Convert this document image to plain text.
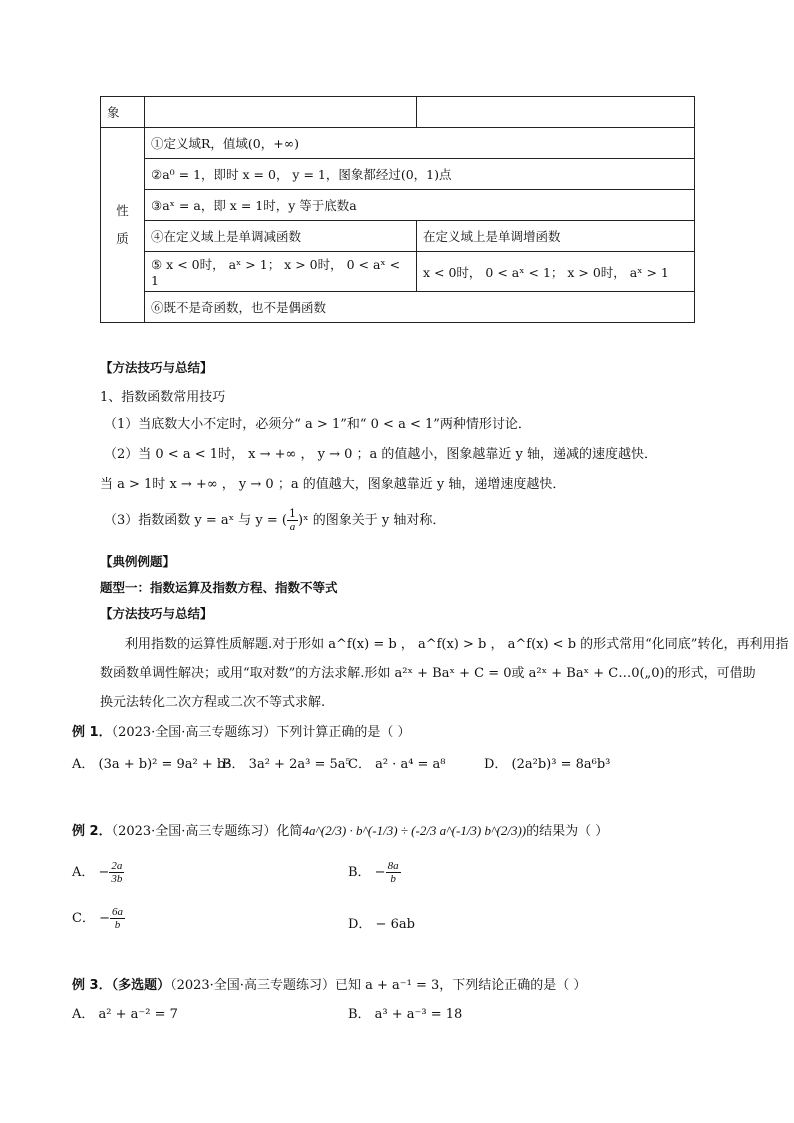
象		
性
质	①定义域R，值域(0，+∞)	
	②a⁰ = 1，即时 x = 0， y = 1，图象都经过(0，1)点	
	③aˣ = a，即 x = 1时，y 等于底数a	
	④在定义域上是单调减函数	在定义域上是单调增函数
	⑤ x < 0时， aˣ > 1； x > 0时， 0 < aˣ < 1	x < 0时， 0 < aˣ < 1； x > 0时， aˣ > 1
	⑥既不是奇函数，也不是偶函数	
【方法技巧与总结】
1、指数函数常用技巧
（1）当底数大小不定时，必须分“ a > 1”和“ 0 < a < 1”两种情形讨论．
（2）当 0 < a < 1时， x → +∞ ， y → 0 ；a 的值越小，图象越靠近 y 轴，递减的速度越快．
当 a > 1时 x → +∞ ， y → 0 ；a 的值越大，图象越靠近 y 轴，递增速度越快．
（3）指数函数 y = aˣ 与 y = ( $\frac{1}{a}$ )ˣ 的图象关于 y 轴对称．
【典例例题】
题型一：指数运算及指数方程、指数不等式
【方法技巧与总结】
利用指数的运算性质解题.对于形如 a^f(x) = b ， a^f(x) > b ， a^f(x) < b 的形式常用“化同底”转化，再利用指
数函数单调性解决；或用“取对数”的方法求解.形如 a²ˣ + Baˣ + C = 0或 a²ˣ + Baˣ + C…0(„0)的形式，可借助
换元法转化二次方程或二次不等式求解.
例 1．（2023·全国·高三专题练习）下列计算正确的是（ ）
A． (3a + b)² = 9a² + b²
B． 3a² + 2a³ = 5a⁵
C． a² · a⁴ = a⁸	D． (2a²b)³ = 8a⁶b³
例 2．（2023·全国·高三专题练习）化简4a^(2/3) · b^(-1/3) ÷ (-2/3 a^(-1/3) b^(2/3))的结果为（ ）
A． − $\frac{2a}{3b}$	B． − $\frac{8a}{b}$
C． − $\frac{6a}{b}$	D． − 6ab
例 3．（多选题）（2023·全国·高三专题练习）已知 a + a⁻¹ = 3，下列结论正确的是（ ）
A． a² + a⁻² = 7	B． a³ + a⁻³ = 18
